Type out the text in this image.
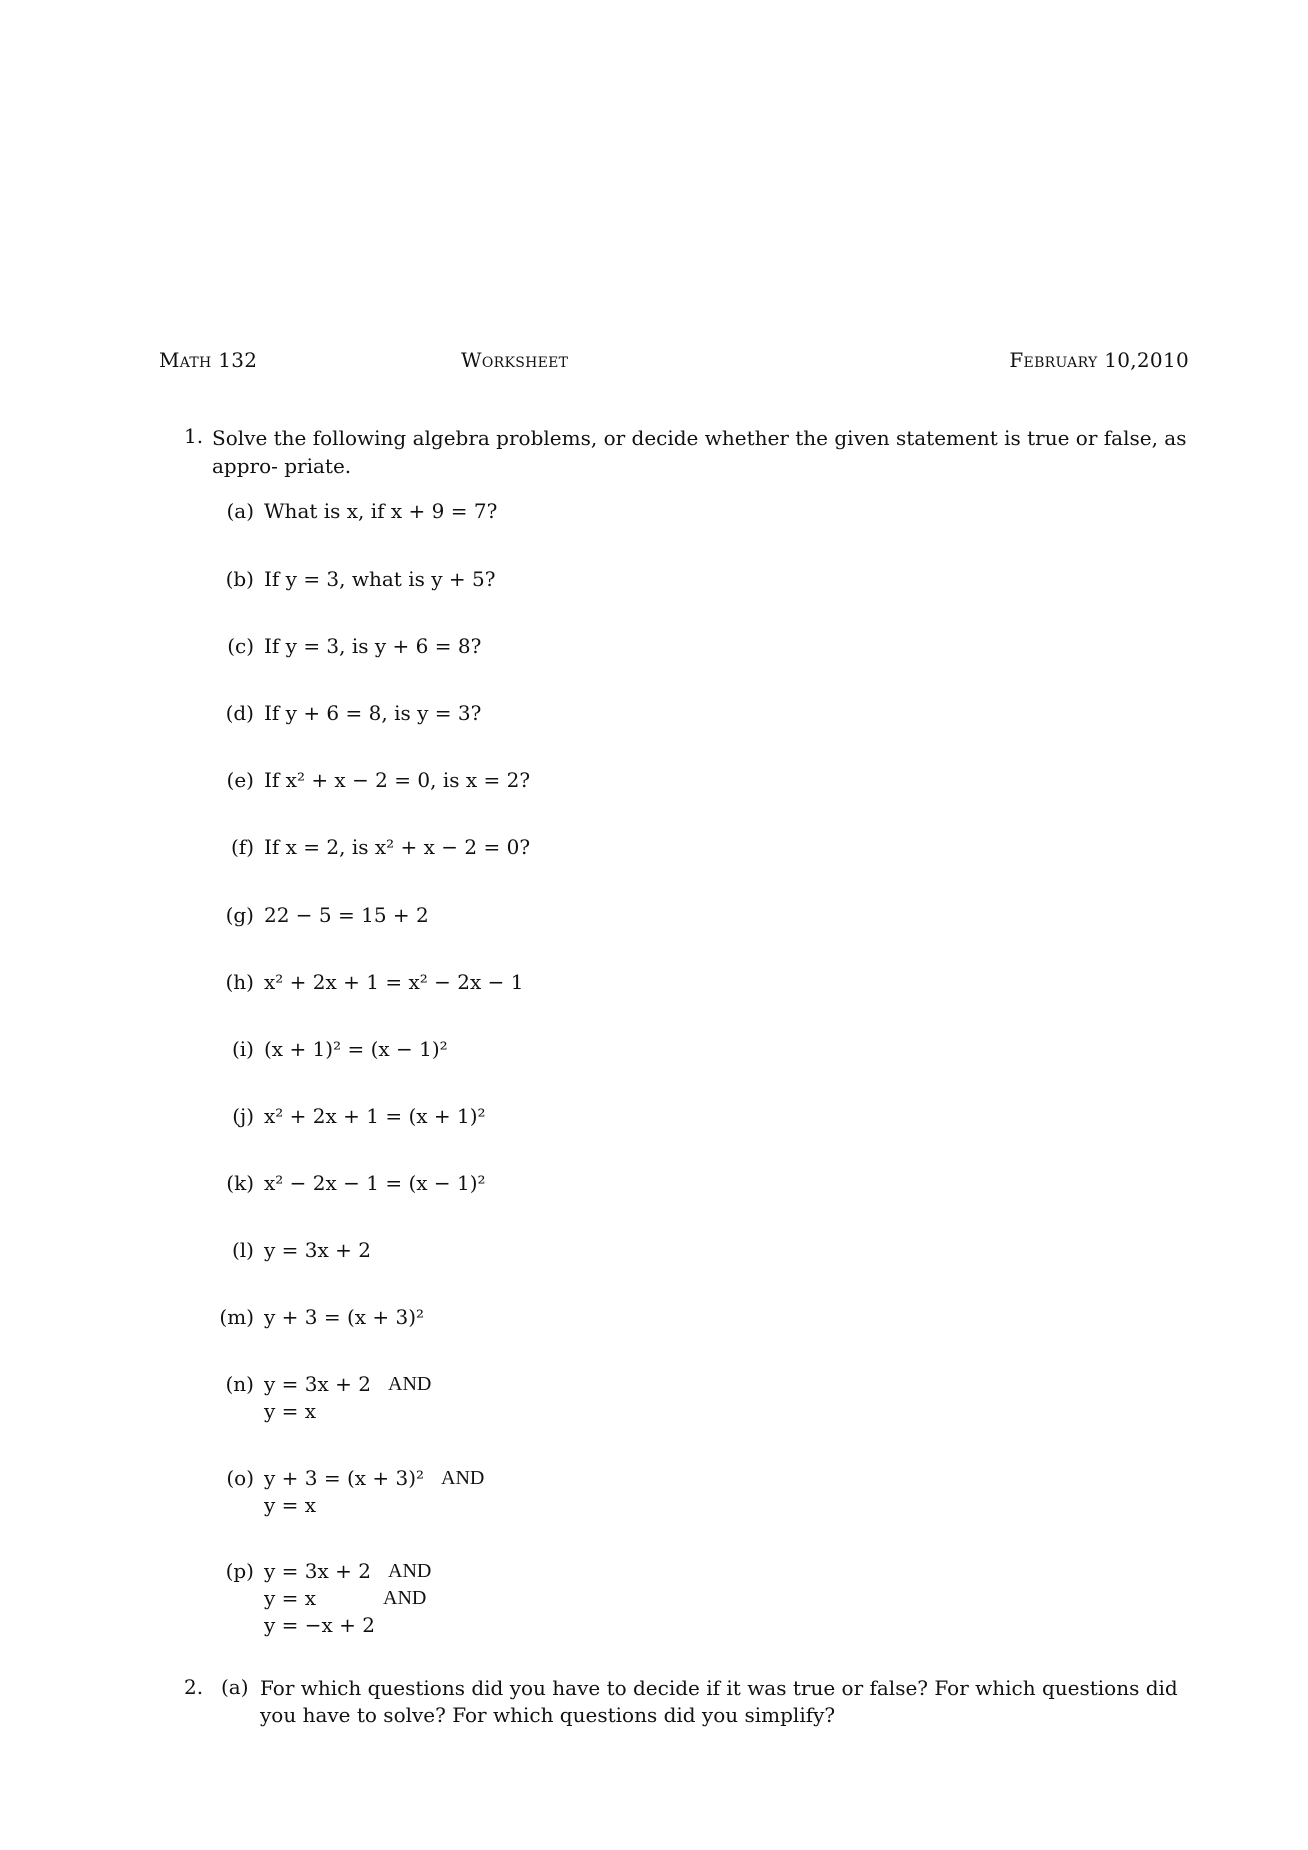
Math 132	Worksheet	February 10,2010
1. Solve the following algebra problems, or decide whether the given statement is true or false, as appro- priate.
(a) What is x, if x + 9 = 7?
(b) If y = 3, what is y + 5?
(c) If y = 3, is y + 6 = 8?
(d) If y + 6 = 8, is y = 3?
(e) If x² + x − 2 = 0, is x = 2?
(f) If x = 2, is x² + x − 2 = 0?
(g) 22 − 5 = 15 + 2
(h) x² + 2x + 1 = x² − 2x − 1
(i) (x + 1)² = (x − 1)²
(j) x² + 2x + 1 = (x + 1)²
(k) x² − 2x − 1 = (x − 1)²
(l) y = 3x + 2
(m) y + 3 = (x + 3)²
(n) y = 3x + 2
y = x
AND
(o) y + 3 = (x + 3)²
y = x
AND
(p) y = 3x + 2
y = x
y = −x + 2
AND
AND
2. (a) For which questions did you have to decide if it was true or false? For which questions did you have to solve? For which questions did you simplify?
